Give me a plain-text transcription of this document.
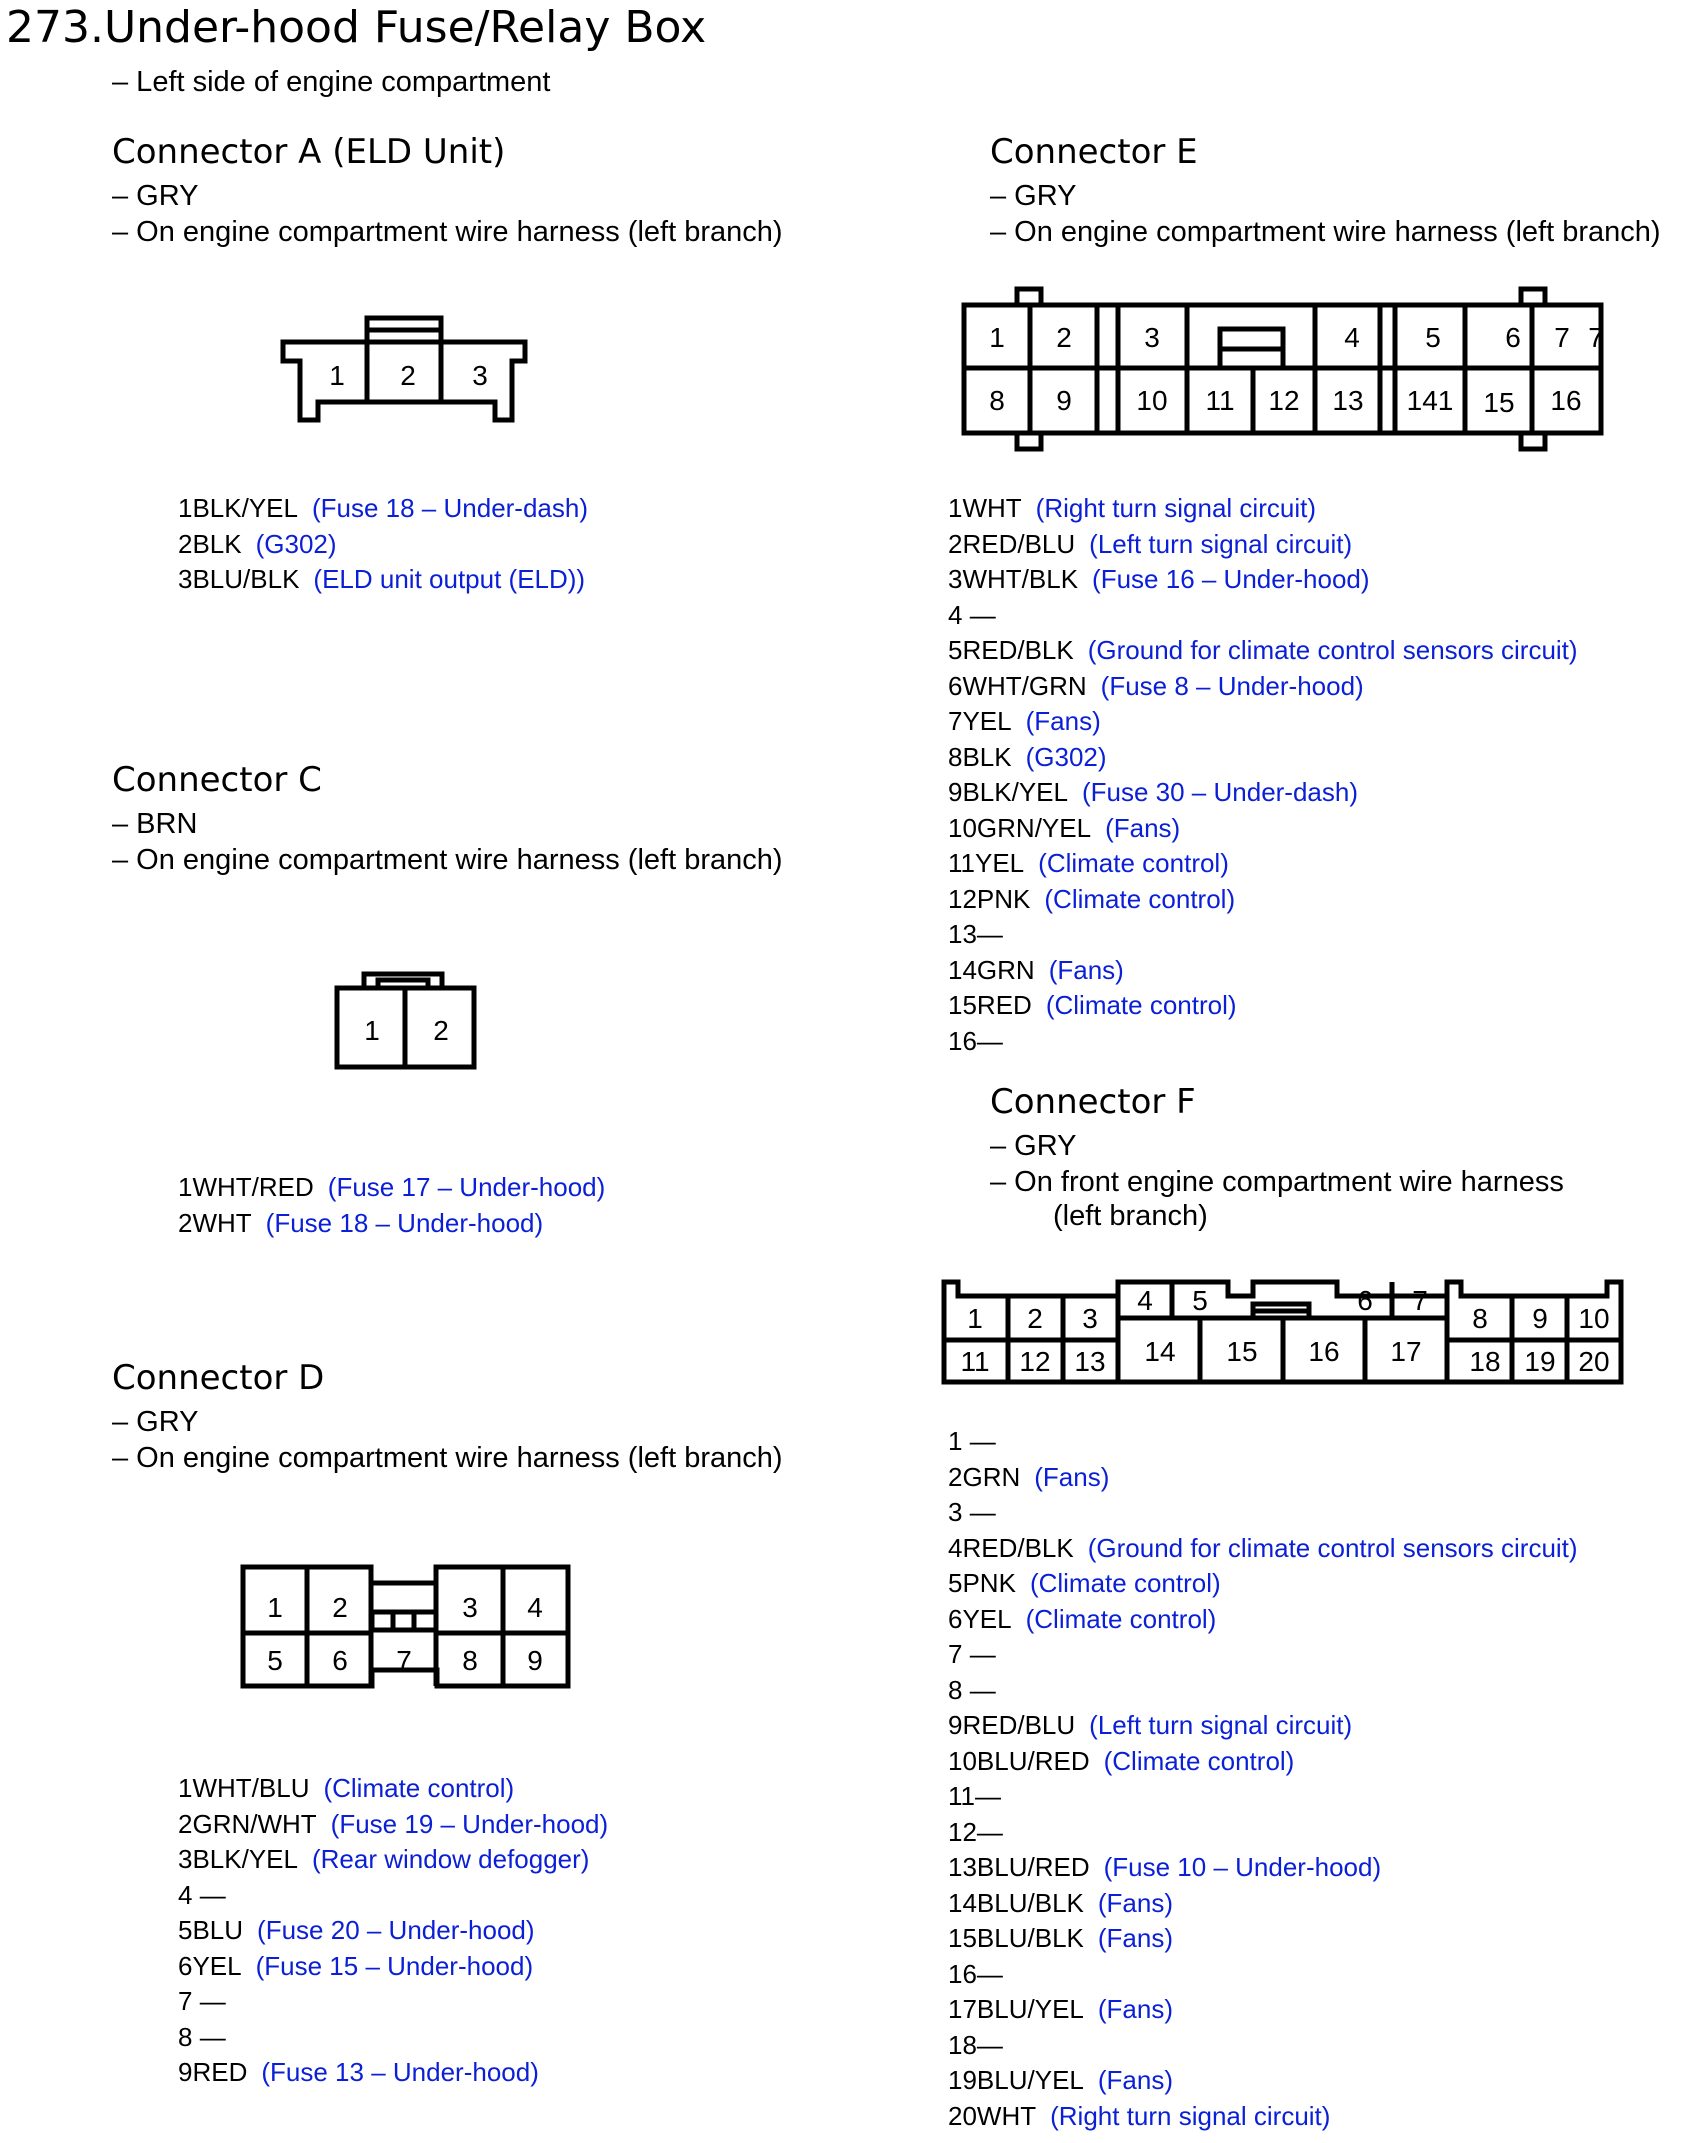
273.Under-hood Fuse/Relay Box
– Left side of engine compartment
Connector A (ELD Unit)
– GRY
– On engine compartment wire harness (left branch)
1BLK/YEL (Fuse 18 – Under-dash)
2BLK (G302)
3BLU/BLK (ELD unit output (ELD))
Connector C
– BRN
– On engine compartment wire harness (left branch)
1WHT/RED (Fuse 17 – Under-hood)
2WHT (Fuse 18 – Under-hood)
Connector D
– GRY
– On engine compartment wire harness (left branch)
1WHT/BLU (Climate control)
2GRN/WHT (Fuse 19 – Under-hood)
3BLK/YEL (Rear window defogger)
4 —
5BLU (Fuse 20 – Under-hood)
6YEL (Fuse 15 – Under-hood)
7 —
8 —
9RED (Fuse 13 – Under-hood)
Connector E
– GRY
– On engine compartment wire harness (left branch)
1WHT (Right turn signal circuit)
2RED/BLU (Left turn signal circuit)
3WHT/BLK (Fuse 16 – Under-hood)
4 —
5RED/BLK (Ground for climate control sensors circuit)
6WHT/GRN (Fuse 8 – Under-hood)
7YEL (Fans)
8BLK (G302)
9BLK/YEL (Fuse 30 – Under-dash)
10GRN/YEL (Fans)
11YEL (Climate control)
12PNK (Climate control)
13—
14GRN (Fans)
15RED (Climate control)
16—
Connector F
– GRY
– On front engine compartment wire harness
(left branch)
1 —
2GRN (Fans)
3 —
4RED/BLK (Ground for climate control sensors circuit)
5PNK (Climate control)
6YEL (Climate control)
7 —
8 —
9RED/BLU (Left turn signal circuit)
10BLU/RED (Climate control)
11—
12—
13BLU/RED (Fuse 10 – Under-hood)
14BLU/BLK (Fans)
15BLU/BLK (Fans)
16—
17BLU/YEL (Fans)
18—
19BLU/YEL (Fans)
20WHT (Right turn signal circuit)
1 2 3
1 2
1 2	3 4
5 6 7 8 9
1 2	3	4 5 6 7 7
8 9 10 11 12 13 141 15 16
1 2 3
4 5	6 7
8 9 10
11 12 13 14 15 16 17 18 19 20
